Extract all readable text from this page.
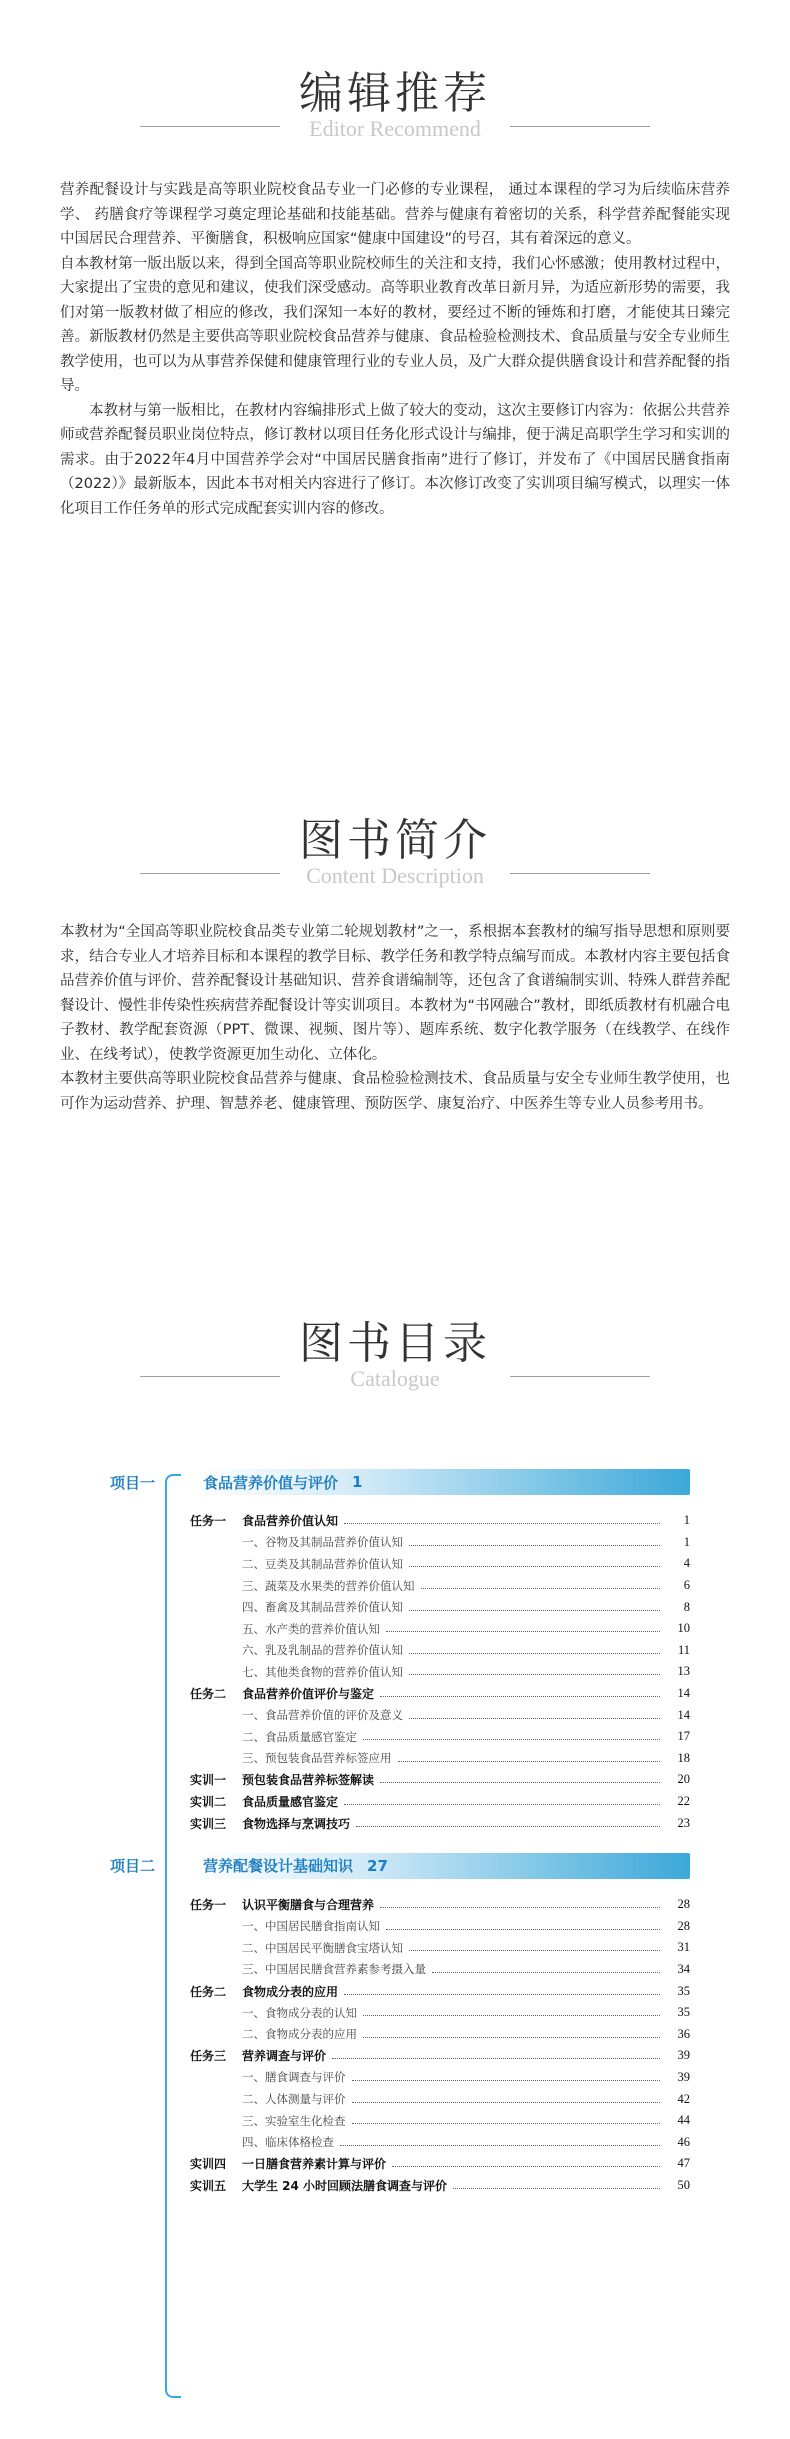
编辑推荐
Editor Recommend

营养配餐设计与实践是高等职业院校食品专业一门必修的专业课程， 通过本课程的学习为后续临床营养学、 药膳食疗等课程学习奠定理论基础和技能基础。营养与健康有着密切的关系，科学营养配餐能实现中国居民合理营养、平衡膳食，积极响应国家“健康中国建设”的号召，其有着深远的意义。

自本教材第一版出版以来，得到全国高等职业院校师生的关注和支持，我们心怀感激；使用教材过程中，大家提出了宝贵的意见和建议，使我们深受感动。高等职业教育改革日新月异，为适应新形势的需要，我们对第一版教材做了相应的修改，我们深知一本好的教材，要经过不断的锤炼和打磨，才能使其日臻完善。新版教材仍然是主要供高等职业院校食品营养与健康、食品检验检测技术、食品质量与安全专业师生教学使用，也可以为从事营养保健和健康管理行业的专业人员，及广大群众提供膳食设计和营养配餐的指导。

本教材与第一版相比，在教材内容编排形式上做了较大的变动，这次主要修订内容为：依据公共营养师或营养配餐员职业岗位特点，修订教材以项目任务化形式设计与编排，便于满足高职学生学习和实训的需求。由于2022年4月中国营养学会对“中国居民膳食指南”进行了修订，并发布了《中国居民膳食指南（2022）》最新版本，因此本书对相关内容进行了修订。本次修订改变了实训项目编写模式，以理实一体化项目工作任务单的形式完成配套实训内容的修改。

图书简介
Content Description

本教材为“全国高等职业院校食品类专业第二轮规划教材”之一，系根据本套教材的编写指导思想和原则要求，结合专业人才培养目标和本课程的教学目标、教学任务和教学特点编写而成。本教材内容主要包括食品营养价值与评价、营养配餐设计基础知识、营养食谱编制等，还包含了食谱编制实训、特殊人群营养配餐设计、慢性非传染性疾病营养配餐设计等实训项目。本教材为“书网融合”教材，即纸质教材有机融合电子教材、教学配套资源（PPT、微课、视频、图片等）、题库系统、数字化教学服务（在线教学、在线作业、在线考试），使教学资源更加生动化、立体化。

本教材主要供高等职业院校食品营养与健康、食品检验检测技术、食品质量与安全专业师生教学使用，也可作为运动营养、护理、智慧养老、健康管理、预防医学、康复治疗、中医养生等专业人员参考用书。

图书目录
Catalogue
项目一	食品营养价值与评价 1
任务一	食品营养价值认知	1
一、谷物及其制品营养价值认知	1
二、豆类及其制品营养价值认知	4
三、蔬菜及水果类的营养价值认知	6
四、畜禽及其制品营养价值认知	8
五、水产类的营养价值认知	10
六、乳及乳制品的营养价值认知	11
七、其他类食物的营养价值认知	13
任务二	食品营养价值评价与鉴定	14
一、食品营养价值的评价及意义	14
二、食品质量感官鉴定	17
三、预包装食品营养标签应用	18
实训一	预包装食品营养标签解读	20
实训二	食品质量感官鉴定	22
实训三	食物选择与烹调技巧	23
项目二	营养配餐设计基础知识 27
任务一	认识平衡膳食与合理营养	28
一、中国居民膳食指南认知	28
二、中国居民平衡膳食宝塔认知	31
三、中国居民膳食营养素参考摄入量	34
任务二	食物成分表的应用	35
一、食物成分表的认知	35
二、食物成分表的应用	36
任务三	营养调查与评价	39
一、膳食调查与评价	39
二、人体测量与评价	42
三、实验室生化检查	44
四、临床体格检查	46
实训四	一日膳食营养素计算与评价	47
实训五	大学生 24 小时回顾法膳食调查与评价	50
